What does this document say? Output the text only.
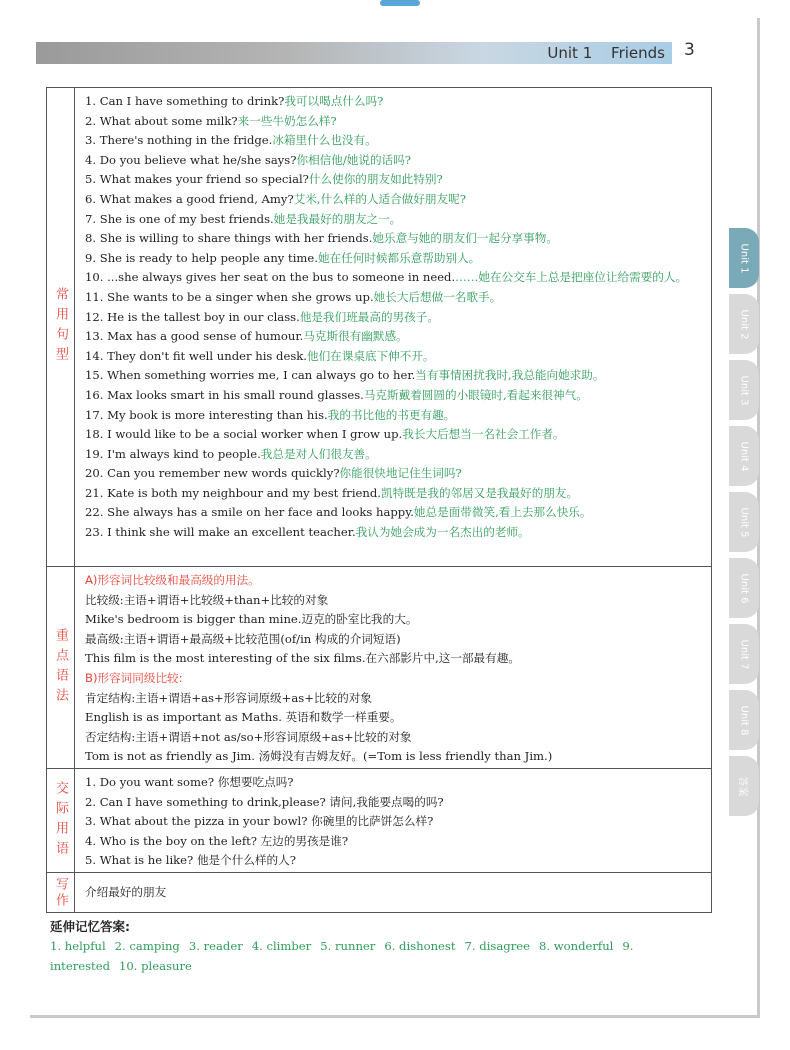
Unit 1 Friends 3
常用句型
1. Can I have something to drink?我可以喝点什么吗?
2. What about some milk?来一些牛奶怎么样?
3. There's nothing in the fridge.冰箱里什么也没有。
4. Do you believe what he/she says?你相信他/她说的话吗?
5. What makes your friend so special?什么使你的朋友如此特别?
6. What makes a good friend, Amy?艾米,什么样的人适合做好朋友呢?
7. She is one of my best friends.她是我最好的朋友之一。
8. She is willing to share things with her friends.她乐意与她的朋友们一起分享事物。
9. She is ready to help people any time.她在任何时候都乐意帮助别人。
10. ...she always gives her seat on the bus to someone in need.……她在公交车上总是把座位让给需要的人。
11. She wants to be a singer when she grows up.她长大后想做一名歌手。
12. He is the tallest boy in our class.他是我们班最高的男孩子。
13. Max has a good sense of humour.马克斯很有幽默感。
14. They don't fit well under his desk.他们在课桌底下伸不开。
15. When something worries me, I can always go to her.当有事情困扰我时,我总能向她求助。
16. Max looks smart in his small round glasses.马克斯戴着圆圆的小眼镜时,看起来很神气。
17. My book is more interesting than his.我的书比他的书更有趣。
18. I would like to be a social worker when I grow up.我长大后想当一名社会工作者。
19. I'm always kind to people.我总是对人们很友善。
20. Can you remember new words quickly?你能很快地记住生词吗?
21. Kate is both my neighbour and my best friend.凯特既是我的邻居又是我最好的朋友。
22. She always has a smile on her face and looks happy.她总是面带微笑,看上去那么快乐。
23. I think she will make an excellent teacher.我认为她会成为一名杰出的老师。
重点语法
A)形容词比较级和最高级的用法。
比较级:主语+谓语+比较级+than+比较的对象
Mike's bedroom is bigger than mine.迈克的卧室比我的大。
最高级:主语+谓语+最高级+比较范围(of/in 构成的介词短语)
This film is the most interesting of the six films.在六部影片中,这一部最有趣。
B)形容词同级比较:
肯定结构:主语+谓语+as+形容词原级+as+比较的对象
English is as important as Maths. 英语和数学一样重要。
否定结构:主语+谓语+not as/so+形容词原级+as+比较的对象
Tom is not as friendly as Jim. 汤姆没有吉姆友好。(=Tom is less friendly than Jim.)
交际用语 1. Do you want some? 你想要吃点吗?
2. Can I have something to drink,please? 请问,我能要点喝的吗?
3. What about the pizza in your bowl? 你碗里的比萨饼怎么样?
4. Who is the boy on the left? 左边的男孩是谁?
5. What is he like? 他是个什么样的人?
写作 介绍最好的朋友
延伸记忆答案:
1. helpful 2. camping 3. reader 4. climber 5. runner 6. dishonest 7. disagree 8. wonderful 9. interested 10. pleasure
Unit 1
Unit 2
Unit 3
Unit 4
Unit 5
Unit 6
Unit 7
Unit 8
答案
